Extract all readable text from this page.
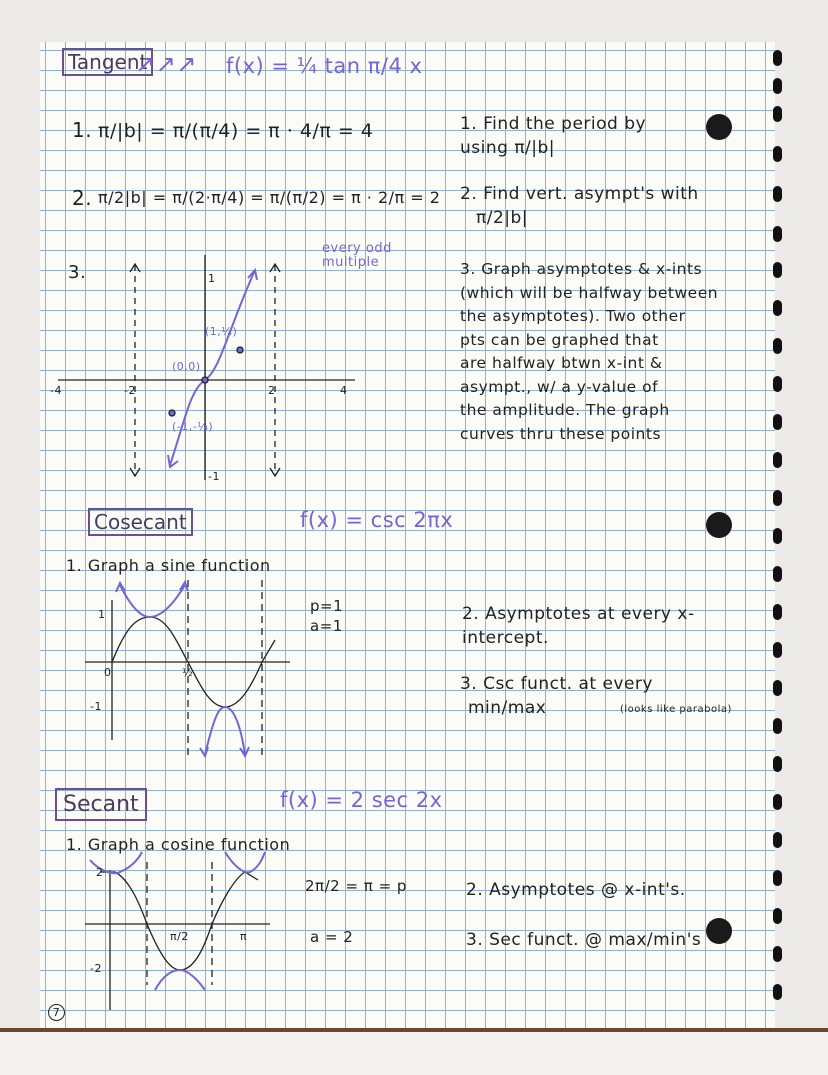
Tangent
↗↗↗ f(x) = ¼ tan π/4 x
1. π/|b| = π/(π/4) = π · 4/π = 4
2. π/2|b| = π/(2·π/4) = π/(π/2) = π · 2/π = 2
every odd
multiple
3.
-4	-2	2	4
1
-1
(0,0)
(1,¼)
(-1,-¼)
1. Find the period by
using π/|b|
2. Find vert. asympt's with
π/2|b|
3. Graph asymptotes & x-ints
(which will be halfway between
the asymptotes). Two other
pts can be graphed that
are halfway btwn x-int &
asympt., w/ a y-value of
the amplitude. The graph
curves thru these points
Cosecant	f(x) = csc 2πx
1. Graph a sine function
p=1
a=1
0	½
1
-1
2. Asymptotes at every x-
intercept.
3. Csc funct. at every
min/max	(looks like parabola)
Secant	f(x) = 2 sec 2x
1. Graph a cosine function
2π/2 = π = p
a = 2
π/2	π
2
-2
2. Asymptotes @ x-int's.
3. Sec funct. @ max/min's
7
